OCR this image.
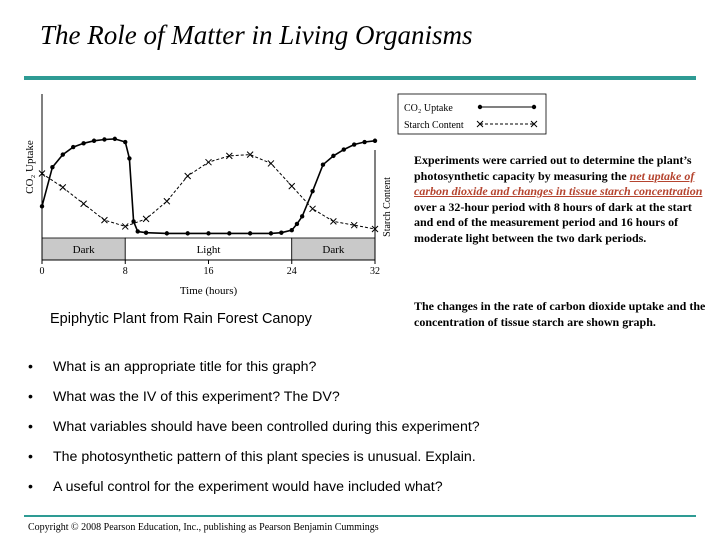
The Role of Matter in Living Organisms
Dark	Light	Dark
0	8	16	24	32
Time (hours)
CO₂ Uptake
Starch Content
CO₂ Uptake
Starch Content
Epiphytic Plant from Rain Forest Canopy
Experiments were carried out to determine the plant’s photosynthetic capacity by measuring the net uptake of carbon dioxide and changes in tissue starch concentration over a 32-hour period with 8 hours of dark at the start and end of the measurement period and 16 hours of moderate light between the two dark periods.
The changes in the rate of carbon dioxide uptake and the concentration of tissue starch are shown graph.
• What is an appropriate title for this graph?
• What was the IV of this experiment? The DV?
• What variables should have been controlled during this experiment?
• The photosynthetic pattern of this plant species is unusual. Explain.
• A useful control for the experiment would have included what?
Copyright © 2008 Pearson Education, Inc., publishing as Pearson Benjamin Cummings
